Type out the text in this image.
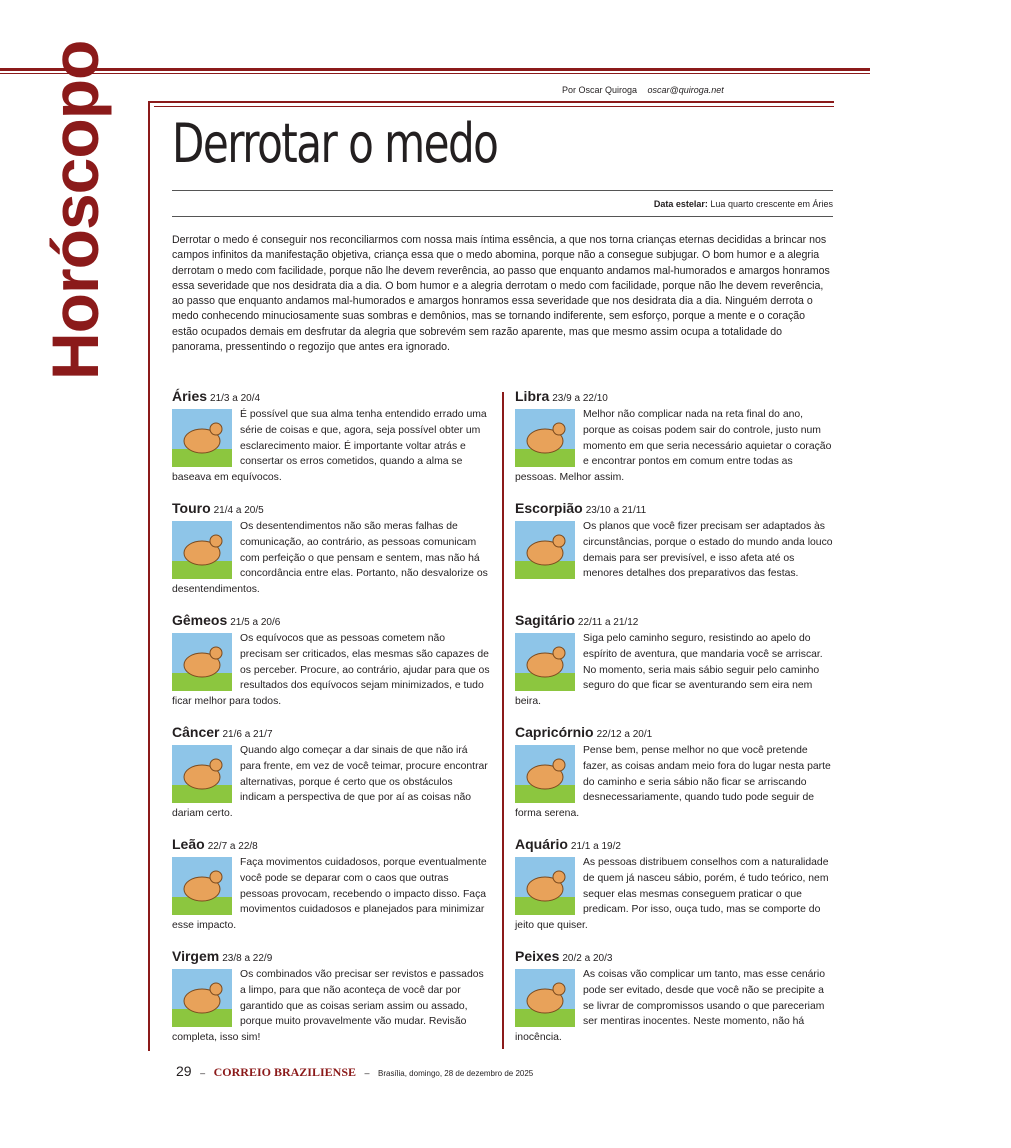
Por Oscar Quiroga oscar@quiroga.net
Horóscopo Derrotar o medo
Data estelar: Lua quarto crescente em Áries
Derrotar o medo é conseguir nos reconciliarmos com nossa mais íntima essência, a que nos torna crianças eternas decididas a brincar nos campos infinitos da manifestação objetiva, criança essa que o medo abomina, porque não a consegue subjugar. O bom humor e a alegria derrotam o medo com facilidade, porque não lhe devem reverência, ao passo que enquanto andamos mal-humorados e amargos honramos essa severidade que nos desidrata dia a dia. O bom humor e a alegria derrotam o medo com facilidade, porque não lhe devem reverência, ao passo que enquanto andamos mal-humorados e amargos honramos essa severidade que nos desidrata dia a dia. Ninguém derrota o medo conhecendo minuciosamente suas sombras e demônios, mas se tornando indiferente, sem esforço, porque a mente e o coração estão ocupados demais em desfrutar da alegria que sobrevém sem razão aparente, mas que mesmo assim ocupa a totalidade do panorama, pressentindo o regozijo que antes era ignorado.
Áries 21/3 a 20/4
É possível que sua alma tenha entendido errado uma série de coisas e que, agora, seja possível obter um esclarecimento maior. É importante voltar atrás e consertar os erros cometidos, quando a alma se baseava em equívocos.
Touro 21/4 a 20/5
Os desentendimentos não são meras falhas de comunicação, ao contrário, as pessoas comunicam com perfeição o que pensam e sentem, mas não há concordância entre elas. Portanto, não desvalorize os desentendimentos.
Gêmeos 21/5 a 20/6
Os equívocos que as pessoas cometem não precisam ser criticados, elas mesmas são capazes de os perceber. Procure, ao contrário, ajudar para que os resultados dos equívocos sejam minimizados, e tudo ficar melhor para todos.
Câncer 21/6 a 21/7
Quando algo começar a dar sinais de que não irá para frente, em vez de você teimar, procure encontrar alternativas, porque é certo que os obstáculos indicam a perspectiva de que por aí as coisas não dariam certo.
Leão 22/7 a 22/8
Faça movimentos cuidadosos, porque eventualmente você pode se deparar com o caos que outras pessoas provocam, recebendo o impacto disso. Faça movimentos cuidadosos e planejados para minimizar esse impacto.
Virgem 23/8 a 22/9
Os combinados vão precisar ser revistos e passados a limpo, para que não aconteça de você dar por garantido que as coisas seriam assim ou assado, porque muito provavelmente vão mudar. Revisão completa, isso sim!
Libra 23/9 a 22/10
Melhor não complicar nada na reta final do ano, porque as coisas podem sair do controle, justo num momento em que seria necessário aquietar o coração e encontrar pontos em comum entre todas as pessoas. Melhor assim.
Escorpião 23/10 a 21/11
Os planos que você fizer precisam ser adaptados às circunstâncias, porque o estado do mundo anda louco demais para ser previsível, e isso afeta até os menores detalhes dos preparativos das festas.
Sagitário 22/11 a 21/12
Siga pelo caminho seguro, resistindo ao apelo do espírito de aventura, que mandaria você se arriscar. No momento, seria mais sábio seguir pelo caminho seguro do que ficar se aventurando sem eira nem beira.
Capricórnio 22/12 a 20/1
Pense bem, pense melhor no que você pretende fazer, as coisas andam meio fora do lugar nesta parte do caminho e seria sábio não ficar se arriscando desnecessariamente, quando tudo pode seguir de forma serena.
Aquário 21/1 a 19/2
As pessoas distribuem conselhos com a naturalidade de quem já nasceu sábio, porém, é tudo teórico, nem sequer elas mesmas conseguem praticar o que predicam. Por isso, ouça tudo, mas se comporte do jeito que quiser.
Peixes 20/2 a 20/3
As coisas vão complicar um tanto, mas esse cenário pode ser evitado, desde que você não se precipite a se livrar de compromissos usando o que pareceriam ser mentiras inocentes. Neste momento, não há inocência.
29 – CORREIO BRAZILIENSE – Brasília, domingo, 28 de dezembro de 2025
